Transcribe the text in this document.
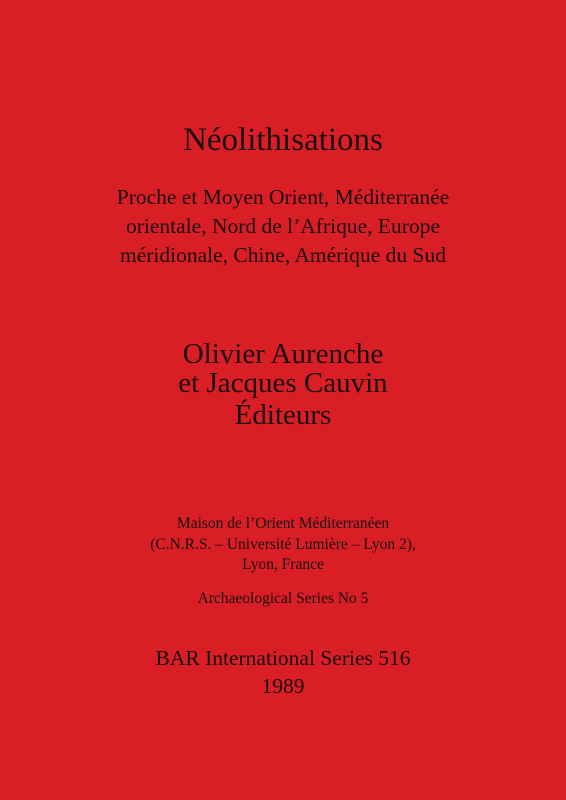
Néolithisations
Proche et Moyen Orient, Méditerranée
orientale, Nord de l’Afrique, Europe
méridionale, Chine, Amérique du Sud
Olivier Aurenche
et Jacques Cauvin
Éditeurs
Maison de l’Orient Méditerranéen
(C.N.R.S. – Université Lumière – Lyon 2),
Lyon, France
Archaeological Series No 5
BAR International Series 516
1989
